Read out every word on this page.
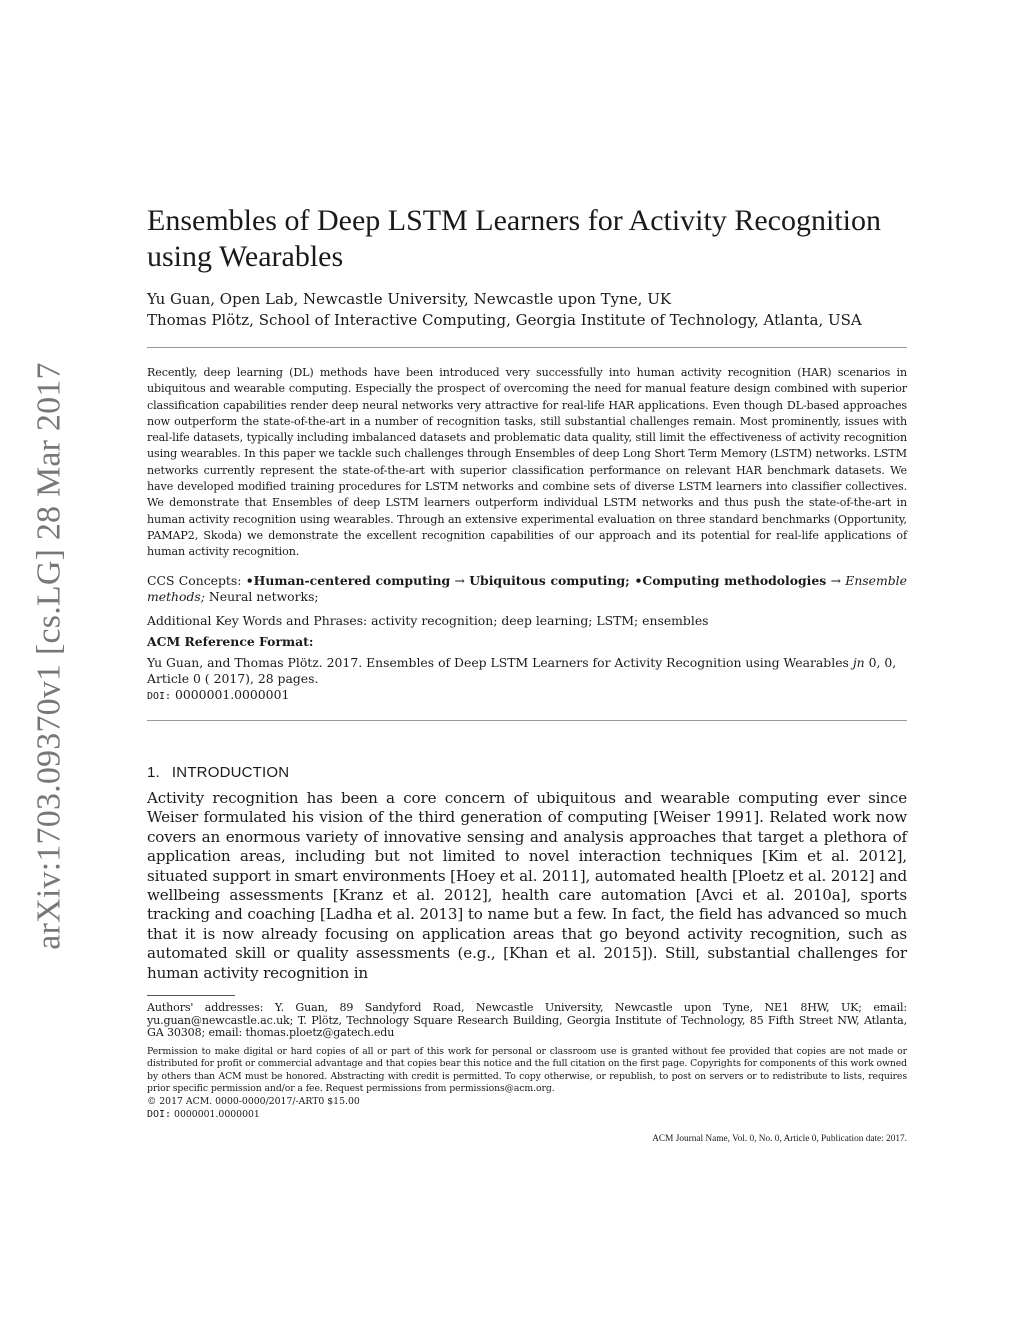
arXiv:1703.09370v1 [cs.LG] 28 Mar 2017
Ensembles of Deep LSTM Learners for Activity Recognition using Wearables
Yu Guan, Open Lab, Newcastle University, Newcastle upon Tyne, UK
Thomas Plötz, School of Interactive Computing, Georgia Institute of Technology, Atlanta, USA
Recently, deep learning (DL) methods have been introduced very successfully into human activity recognition (HAR) scenarios in ubiquitous and wearable computing. Especially the prospect of overcoming the need for manual feature design combined with superior classification capabilities render deep neural networks very attractive for real-life HAR applications. Even though DL-based approaches now outperform the state-of-the-art in a number of recognition tasks, still substantial challenges remain. Most prominently, issues with real-life datasets, typically including imbalanced datasets and problematic data quality, still limit the effectiveness of activity recognition using wearables. In this paper we tackle such challenges through Ensembles of deep Long Short Term Memory (LSTM) networks. LSTM networks currently represent the state-of-the-art with superior classification performance on relevant HAR benchmark datasets. We have developed modified training procedures for LSTM networks and combine sets of diverse LSTM learners into classifier collectives. We demonstrate that Ensembles of deep LSTM learners outperform individual LSTM networks and thus push the state-of-the-art in human activity recognition using wearables. Through an extensive experimental evaluation on three standard benchmarks (Opportunity, PAMAP2, Skoda) we demonstrate the excellent recognition capabilities of our approach and its potential for real-life applications of human activity recognition.
CCS Concepts: •Human-centered computing → Ubiquitous computing; •Computing methodologies → Ensemble methods; Neural networks;
Additional Key Words and Phrases: activity recognition; deep learning; LSTM; ensembles
ACM Reference Format:
Yu Guan, and Thomas Plötz. 2017. Ensembles of Deep LSTM Learners for Activity Recognition using Wearables jn 0, 0, Article 0 ( 2017), 28 pages.
DOI: 0000001.0000001
1. INTRODUCTION
Activity recognition has been a core concern of ubiquitous and wearable computing ever since Weiser formulated his vision of the third generation of computing [Weiser 1991]. Related work now covers an enormous variety of innovative sensing and analysis approaches that target a plethora of application areas, including but not limited to novel interaction techniques [Kim et al. 2012], situated support in smart environments [Hoey et al. 2011], automated health [Ploetz et al. 2012] and wellbeing assessments [Kranz et al. 2012], health care automation [Avci et al. 2010a], sports tracking and coaching [Ladha et al. 2013] to name but a few. In fact, the field has advanced so much that it is now already focusing on application areas that go beyond activity recognition, such as automated skill or quality assessments (e.g., [Khan et al. 2015]). Still, substantial challenges for human activity recognition in
Authors' addresses: Y. Guan, 89 Sandyford Road, Newcastle University, Newcastle upon Tyne, NE1 8HW, UK; email: yu.guan@newcastle.ac.uk; T. Plötz, Technology Square Research Building, Georgia Institute of Technology, 85 Fifth Street NW, Atlanta, GA 30308; email: thomas.ploetz@gatech.edu
Permission to make digital or hard copies of all or part of this work for personal or classroom use is granted without fee provided that copies are not made or distributed for profit or commercial advantage and that copies bear this notice and the full citation on the first page. Copyrights for components of this work owned by others than ACM must be honored. Abstracting with credit is permitted. To copy otherwise, or republish, to post on servers or to redistribute to lists, requires prior specific permission and/or a fee. Request permissions from permissions@acm.org.
© 2017 ACM. 0000-0000/2017/-ART0 $15.00
DOI: 0000001.0000001
ACM Journal Name, Vol. 0, No. 0, Article 0, Publication date: 2017.
